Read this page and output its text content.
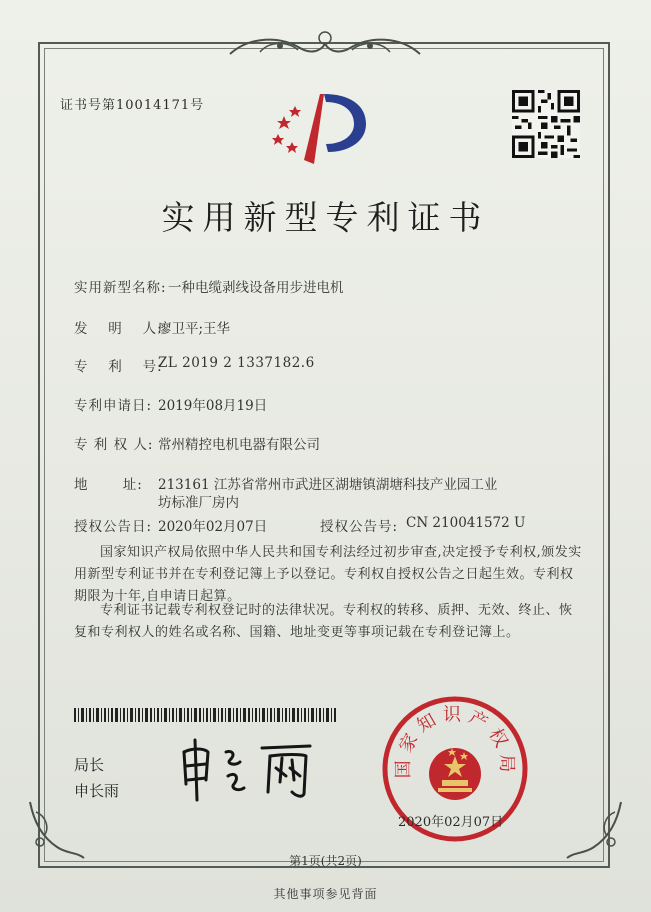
证书号第10014171号
实用新型专利证书
实用新型名称: 一种电缆剥线设备用步进电机
发　 明　 人:
廖卫平;王华
专　 利　 号:
ZL 2019 2 1337182.6
专利申请日: 2019年08月19日
专 利 权 人: 常州精控电机电器有限公司
地　　 址: 213161 江苏省常州市武进区湖塘镇湖塘科技产业园工业
坊标准厂房内
授权公告日: 2020年02月07日	授权公告号: CN 210041572 U
国家知识产权局依照中华人民共和国专利法经过初步审查,决定授予专利权,颁发实用新型专利证书并在专利登记簿上予以登记。专利权自授权公告之日起生效。专利权期限为十年,自申请日起算。
专利证书记载专利权登记时的法律状况。专利权的转移、质押、无效、终止、恢复和专利权人的姓名或名称、国籍、地址变更等事项记载在专利登记簿上。
局长
申长雨
国家知识产权局
2020年02月07日
第1页(共2页)
其他事项参见背面
